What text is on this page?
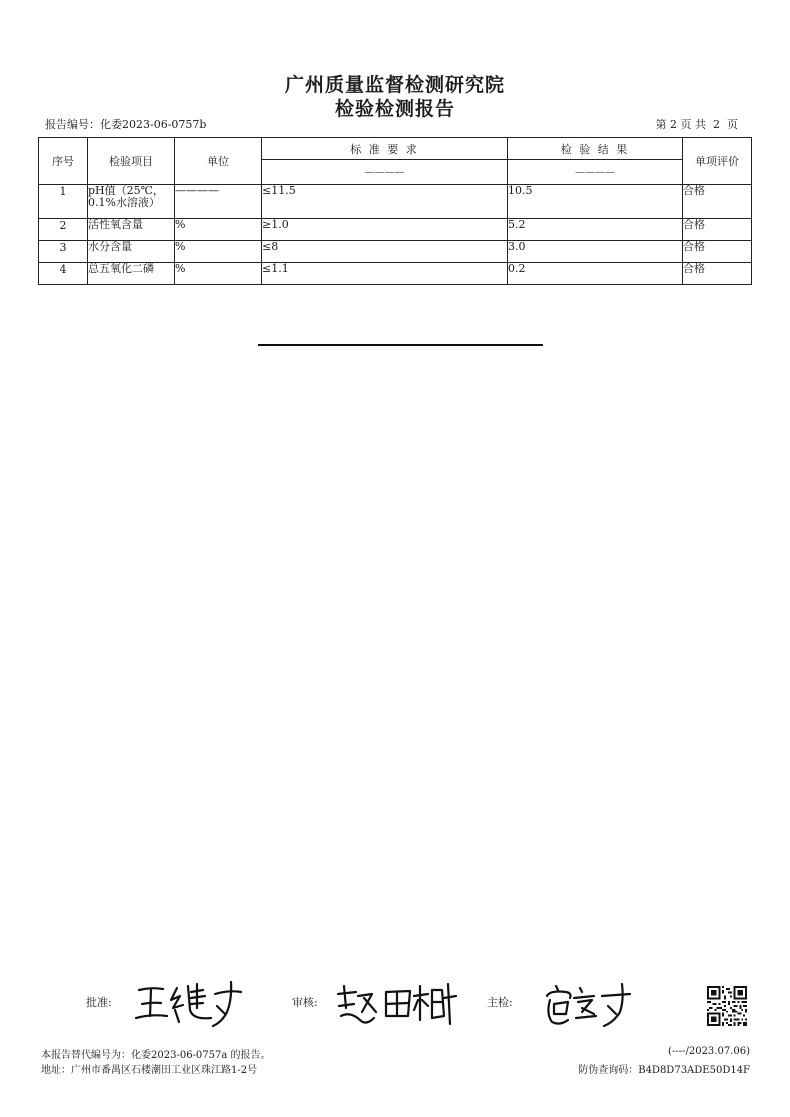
广州质量监督检测研究院
检验检测报告
报告编号：化委2023-06-0757b	第 2 页 共  2  页
序号	检验项目	单位	标 准 要 求	检 验 结 果	单项评价
			————	————	
1	pH值（25℃，0.1%水溶液）	————	≤11.5	10.5	合格
2	活性氧含量	%	≥1.0	5.2	合格
3	水分含量	%	≤8	3.0	合格
4	总五氧化二磷	%	≤1.1	0.2	合格
批准:	审核:	主检:
本报告替代编号为：化委2023-06-0757a 的报告。
地址：广州市番禺区石楼潮田工业区珠江路1-2号
(----/2023.07.06)
防伪查询码：B4D8D73ADE50D14F
